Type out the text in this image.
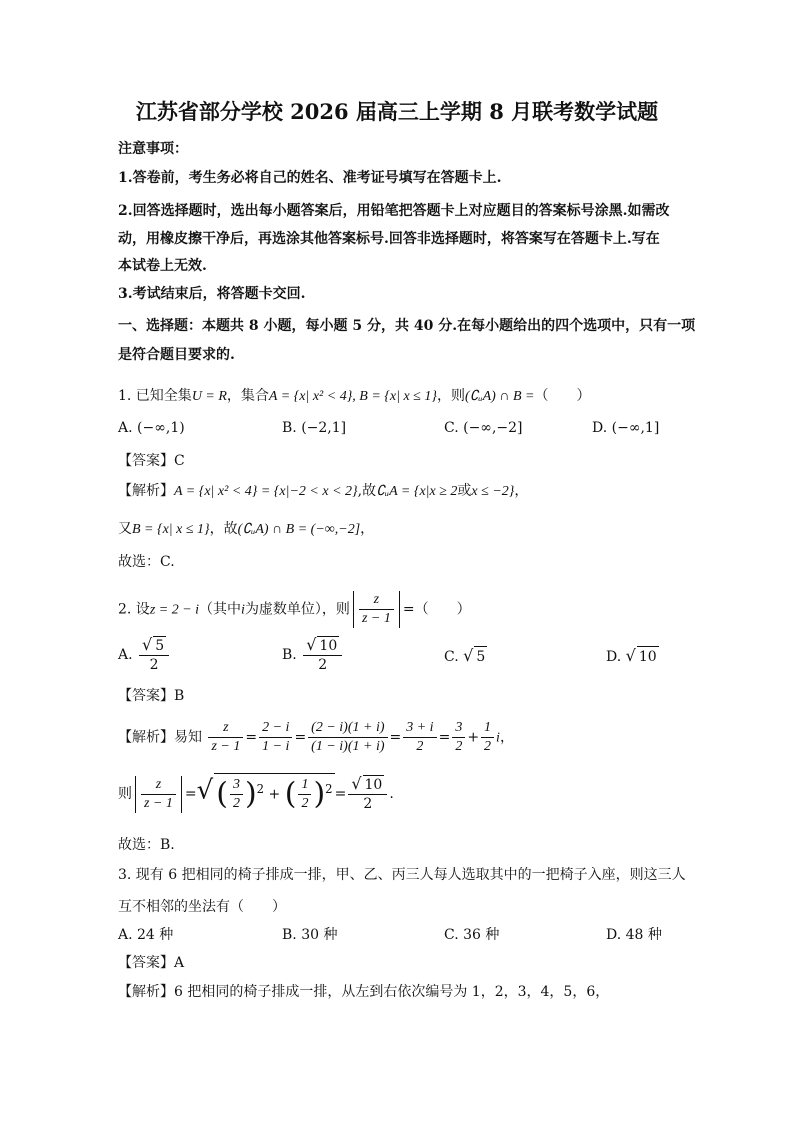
江苏省部分学校 2026 届高三上学期 8 月联考数学试题
注意事项：
1.答卷前，考生务必将自己的姓名、准考证号填写在答题卡上.
2.回答选择题时，选出每小题答案后，用铅笔把答题卡上对应题目的答案标号涂黑.如需改
动，用橡皮擦干净后，再选涂其他答案标号.回答非选择题时，将答案写在答题卡上.写在
本试卷上无效.
3.考试结束后，将答题卡交回.
一、选择题：本题共 8 小题，每小题 5 分，共 40 分.在每小题给出的四个选项中，只有一项
是符合题目要求的.
1. 已知全集U = R，集合A = {x| x² < 4}, B = {x| x ≤ 1}，则(∁ᵤA) ∩ B =（　　）
A. (−∞,1)	B. (−2,1]	C. (−∞,−2]	D. (−∞,1]
【答案】C
【解析】A = {x| x² < 4} = {x|−2 < x < 2},故∁ᵤA = {x|x ≥ 2或x ≤ −2}，
又B = {x| x ≤ 1}，故(∁ᵤA) ∩ B = (−∞,−2]，
故选：C.
2. 设z = 2 − i（其中i为虚数单位），则 $\frac{z}{z - 1}$ =（　　）
A. $\frac{√ 5}{2}$	B. $\frac{√ 10}{2}$	C. √ 5	D. √ 10
【答案】B
【解析】易知 $\frac{z}{z - 1} = \frac{2 - i}{1 - i} = \frac{(2 - i)(1 + i)}{(1 - i)(1 + i)} = \frac{3 + i}{2} = \frac{3}{2} + \frac{1}{2}$ i，
则 $\frac{z}{z - 1}$ =√ ( $\frac{3}{2} )^2$ + ( $\frac{1}{2} )^2 = \frac{√ 10}{2}$ .
故选：B.
3. 现有 6 把相同的椅子排成一排，甲、乙、丙三人每人选取其中的一把椅子入座，则这三人
互不相邻的坐法有（　　）
A. 24 种	B. 30 种	C. 36 种	D. 48 种
【答案】A
【解析】6 把相同的椅子排成一排，从左到右依次编号为 1，2，3，4，5，6，
